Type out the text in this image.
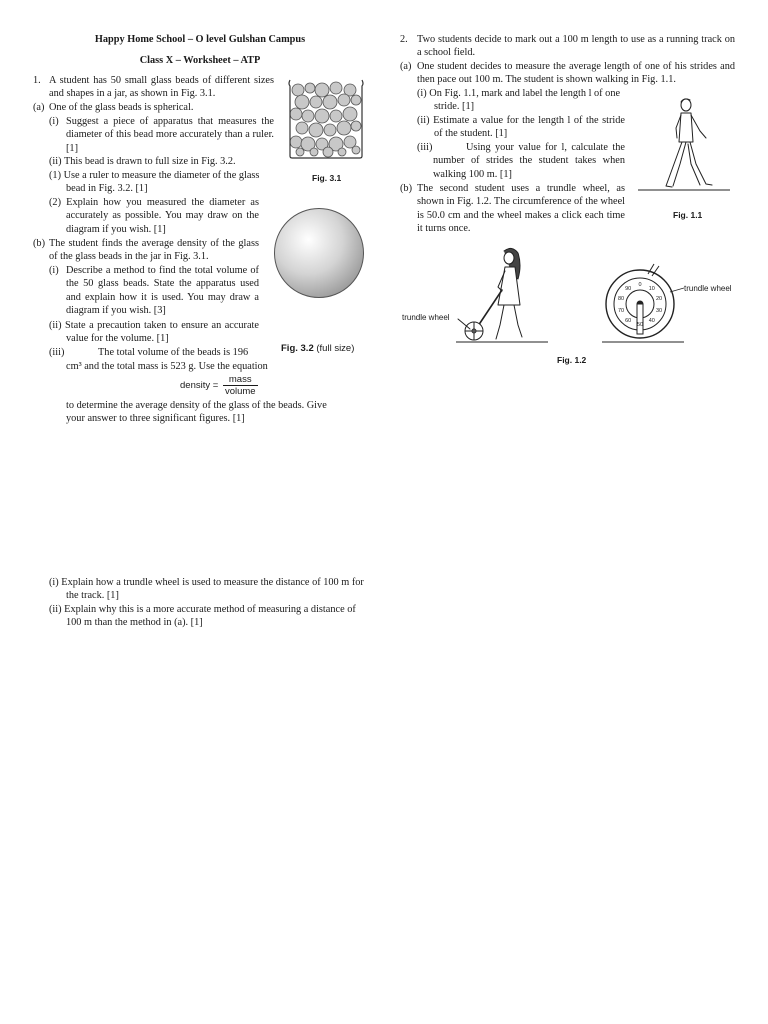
Happy Home School – O level Gulshan Campus
Class X – Worksheet – ATP
1. A student has 50 small glass beads of different sizes and shapes in a jar, as shown in Fig. 3.1.
(a) One of the glass beads is spherical.
(i) Suggest a piece of apparatus that measures the diameter of this bead more accurately than a ruler. [1]
(ii) This bead is drawn to full size in Fig. 3.2.
(1) Use a ruler to measure the diameter of the glass bead in Fig. 3.2. [1]
(2) Explain how you measured the diameter as accurately as possible. You may draw on the diagram if you wish. [1]
(b) The student finds the average density of the glass of the glass beads in the jar in Fig. 3.1.
(i) Describe a method to find the total volume of the 50 glass beads. State the apparatus used and explain how it is used. You may draw a diagram if you wish. [3]
(ii) State a precaution taken to ensure an accurate value for the volume. [1]
(iii)	The total volume of the beads is 196
cm³ and the total mass is 523 g. Use the equation
density =
mass
volume
to determine the average density of the glass of the beads. Give your answer to three significant figures. [1]
Fig. 3.1
Fig. 3.2 (full size)
(i) Explain how a trundle wheel is used to measure the distance of 100 m for the track. [1]
(ii) Explain why this is a more accurate method of measuring a distance of 100 m than the method in (a). [1]
2. Two students decide to mark out a 100 m length to use as a running track on a school field.
(a) One student decides to measure the average length of one of his strides and then pace out 100 m. The student is shown walking in Fig. 1.1.
(i) On Fig. 1.1, mark and label the length l of one stride. [1]
(ii) Estimate a value for the length l of the stride of the student. [1]
(iii)	Using your value for l, calculate the number of strides the student takes when walking 100 m. [1]
(b) The second student uses a trundle wheel, as shown in Fig. 1.2. The circumference of the wheel is 50.0 cm and the wheel makes a click each time it turns once.
Fig. 1.1
trundle wheel
0
10
20
30
40
50
60
70
80
90	trundle wheel
Fig. 1.2
